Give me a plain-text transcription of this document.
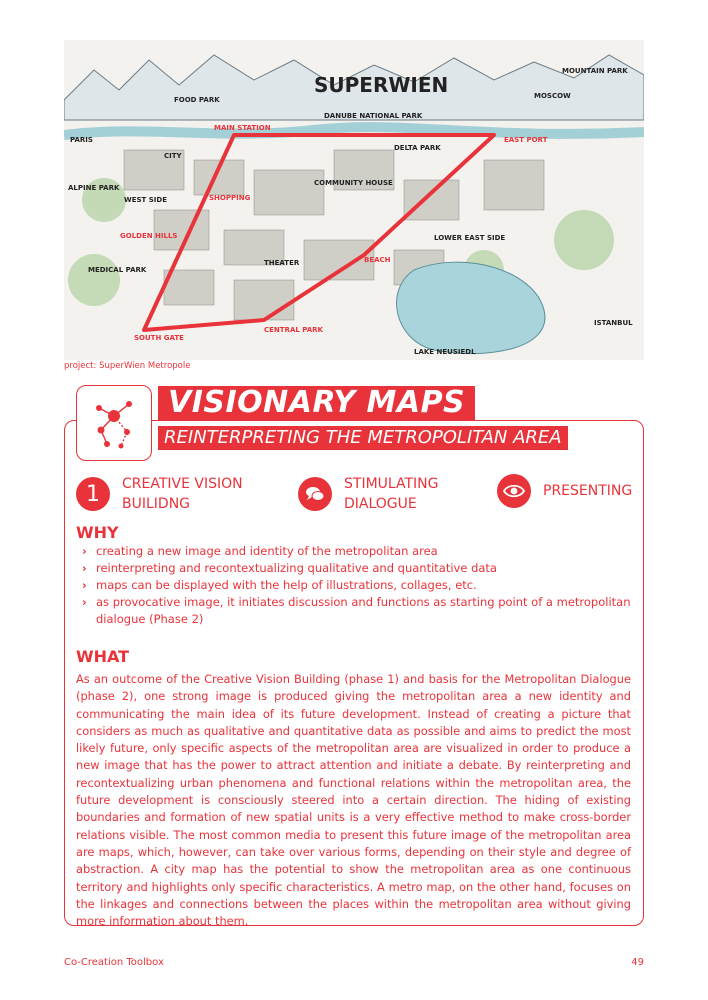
SUPERWIEN
MOUNTAIN PARK
FOOD PARK
DANUBE NATIONAL PARK
MOSCOW
PARIS
MAIN STATION
EAST PORT
DELTA PARK
CITY
ALPINE PARK
WEST SIDE
COMMUNITY HOUSE
SHOPPING
GOLDEN HILLS	LOWER EAST SIDE
THEATER	BEACH
MEDICAL PARK
SOUTH GATE
CENTRAL PARK
ISTANBUL
LAKE NEUSIEDL
project: SuperWien Metropole
VISIONARY MAPS
REINTERPRETING THE METROPOLITAN AREA
1	CREATIVE VISION
BUILIDNG
STIMULATING
DIALOGUE
PRESENTING
WHY
› creating a new image and identity of the metropolitan area
› reinterpreting and recontextualizing qualitative and quantitative data
› maps can be displayed with the help of illustrations, collages, etc.
› as provocative image, it initiates discussion and functions as starting point of a metropolitan dialogue (Phase 2)
WHAT

As an outcome of the Creative Vision Building (phase 1) and basis for the Metropolitan Dialogue (phase 2), one strong image is produced giving the metropolitan area a new identity and communicating the main idea of its future development. Instead of creating a picture that considers as much as qualitative and quantitative data as possible and aims to predict the most likely future, only specific aspects of the metropolitan area are visualized in order to produce a new image that has the power to attract attention and initiate a debate. By reinterpreting and recontextualizing urban phenomena and functional relations within the metropolitan area, the future development is consciously steered into a certain direction. The hiding of existing boundaries and formation of new spatial units is a very effective method to make cross-border relations visible. The most common media to present this future image of the metropolitan area are maps, which, however, can take over various forms, depending on their style and degree of abstraction. A city map has the potential to show the metropolitan area as one continuous territory and highlights only specific characteristics. A metro map, on the other hand, focuses on the linkages and connections between the places within the metropolitan area without giving more information about them.

Co-Creation Toolbox	49
